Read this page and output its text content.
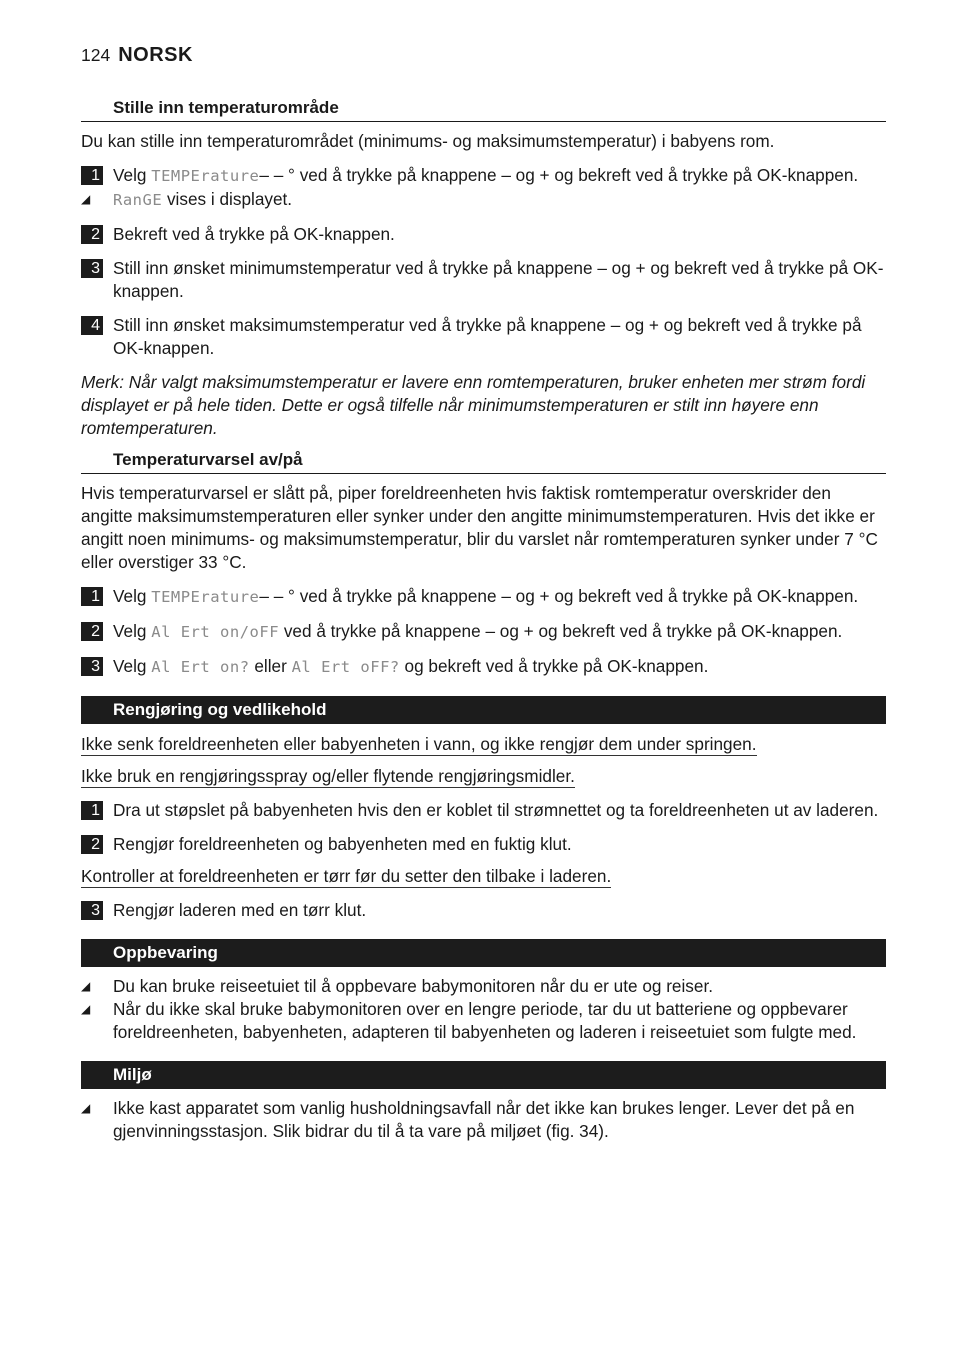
124 NORSK
Stille inn temperaturområde

Du kan stille inn temperaturområdet (minimums- og maksimumstemperatur) i babyens rom.

1 Velg TEMPErature– – ° ved å trykke på knappene – og + og bekreft ved å trykke på OK-knappen.
◢	RanGE vises i displayet.
2 Bekreft ved å trykke på OK-knappen.
3 Still inn ønsket minimumstemperatur ved å trykke på knappene – og + og bekreft ved å trykke på OK-knappen.
4 Still inn ønsket maksimumstemperatur ved å trykke på knappene – og + og bekreft ved å trykke på OK-knappen.

Merk: Når valgt maksimumstemperatur er lavere enn romtemperaturen, bruker enheten mer strøm fordi displayet er på hele tiden. Dette er også tilfelle når minimumstemperaturen er stilt inn høyere enn romtemperaturen.

Temperaturvarsel av/på

Hvis temperaturvarsel er slått på, piper foreldreenheten hvis faktisk romtemperatur overskrider den angitte maksimumstemperaturen eller synker under den angitte minimumstemperaturen. Hvis det ikke er angitt noen minimums- og maksimumstemperatur, blir du varslet når romtemperaturen synker under 7 °C eller overstiger 33 °C.

1 Velg TEMPErature– – ° ved å trykke på knappene – og + og bekreft ved å trykke på OK-knappen.
2 Velg Al Ert on/oFF ved å trykke på knappene – og + og bekreft ved å trykke på OK-knappen.
3 Velg Al Ert on? eller Al Ert oFF? og bekreft ved å trykke på OK-knappen.
Rengjøring og vedlikehold

Ikke senk foreldreenheten eller babyenheten i vann, og ikke rengjør dem under springen.

Ikke bruk en rengjøringsspray og/eller flytende rengjøringsmidler.

1 Dra ut støpslet på babyenheten hvis den er koblet til strømnettet og ta foreldreenheten ut av laderen.
2 Rengjør foreldreenheten og babyenheten med en fuktig klut.

Kontroller at foreldreenheten er tørr før du setter den tilbake i laderen.

3 Rengjør laderen med en tørr klut.
Oppbevaring
◢	Du kan bruke reiseetuiet til å oppbevare babymonitoren når du er ute og reiser.
◢	Når du ikke skal bruke babymonitoren over en lengre periode, tar du ut batteriene og oppbevarer foreldreenheten, babyenheten, adapteren til babyenheten og laderen i reiseetuiet som fulgte med.
Miljø
◢	Ikke kast apparatet som vanlig husholdningsavfall når det ikke kan brukes lenger. Lever det på en gjenvinningsstasjon. Slik bidrar du til å ta vare på miljøet (fig. 34).
